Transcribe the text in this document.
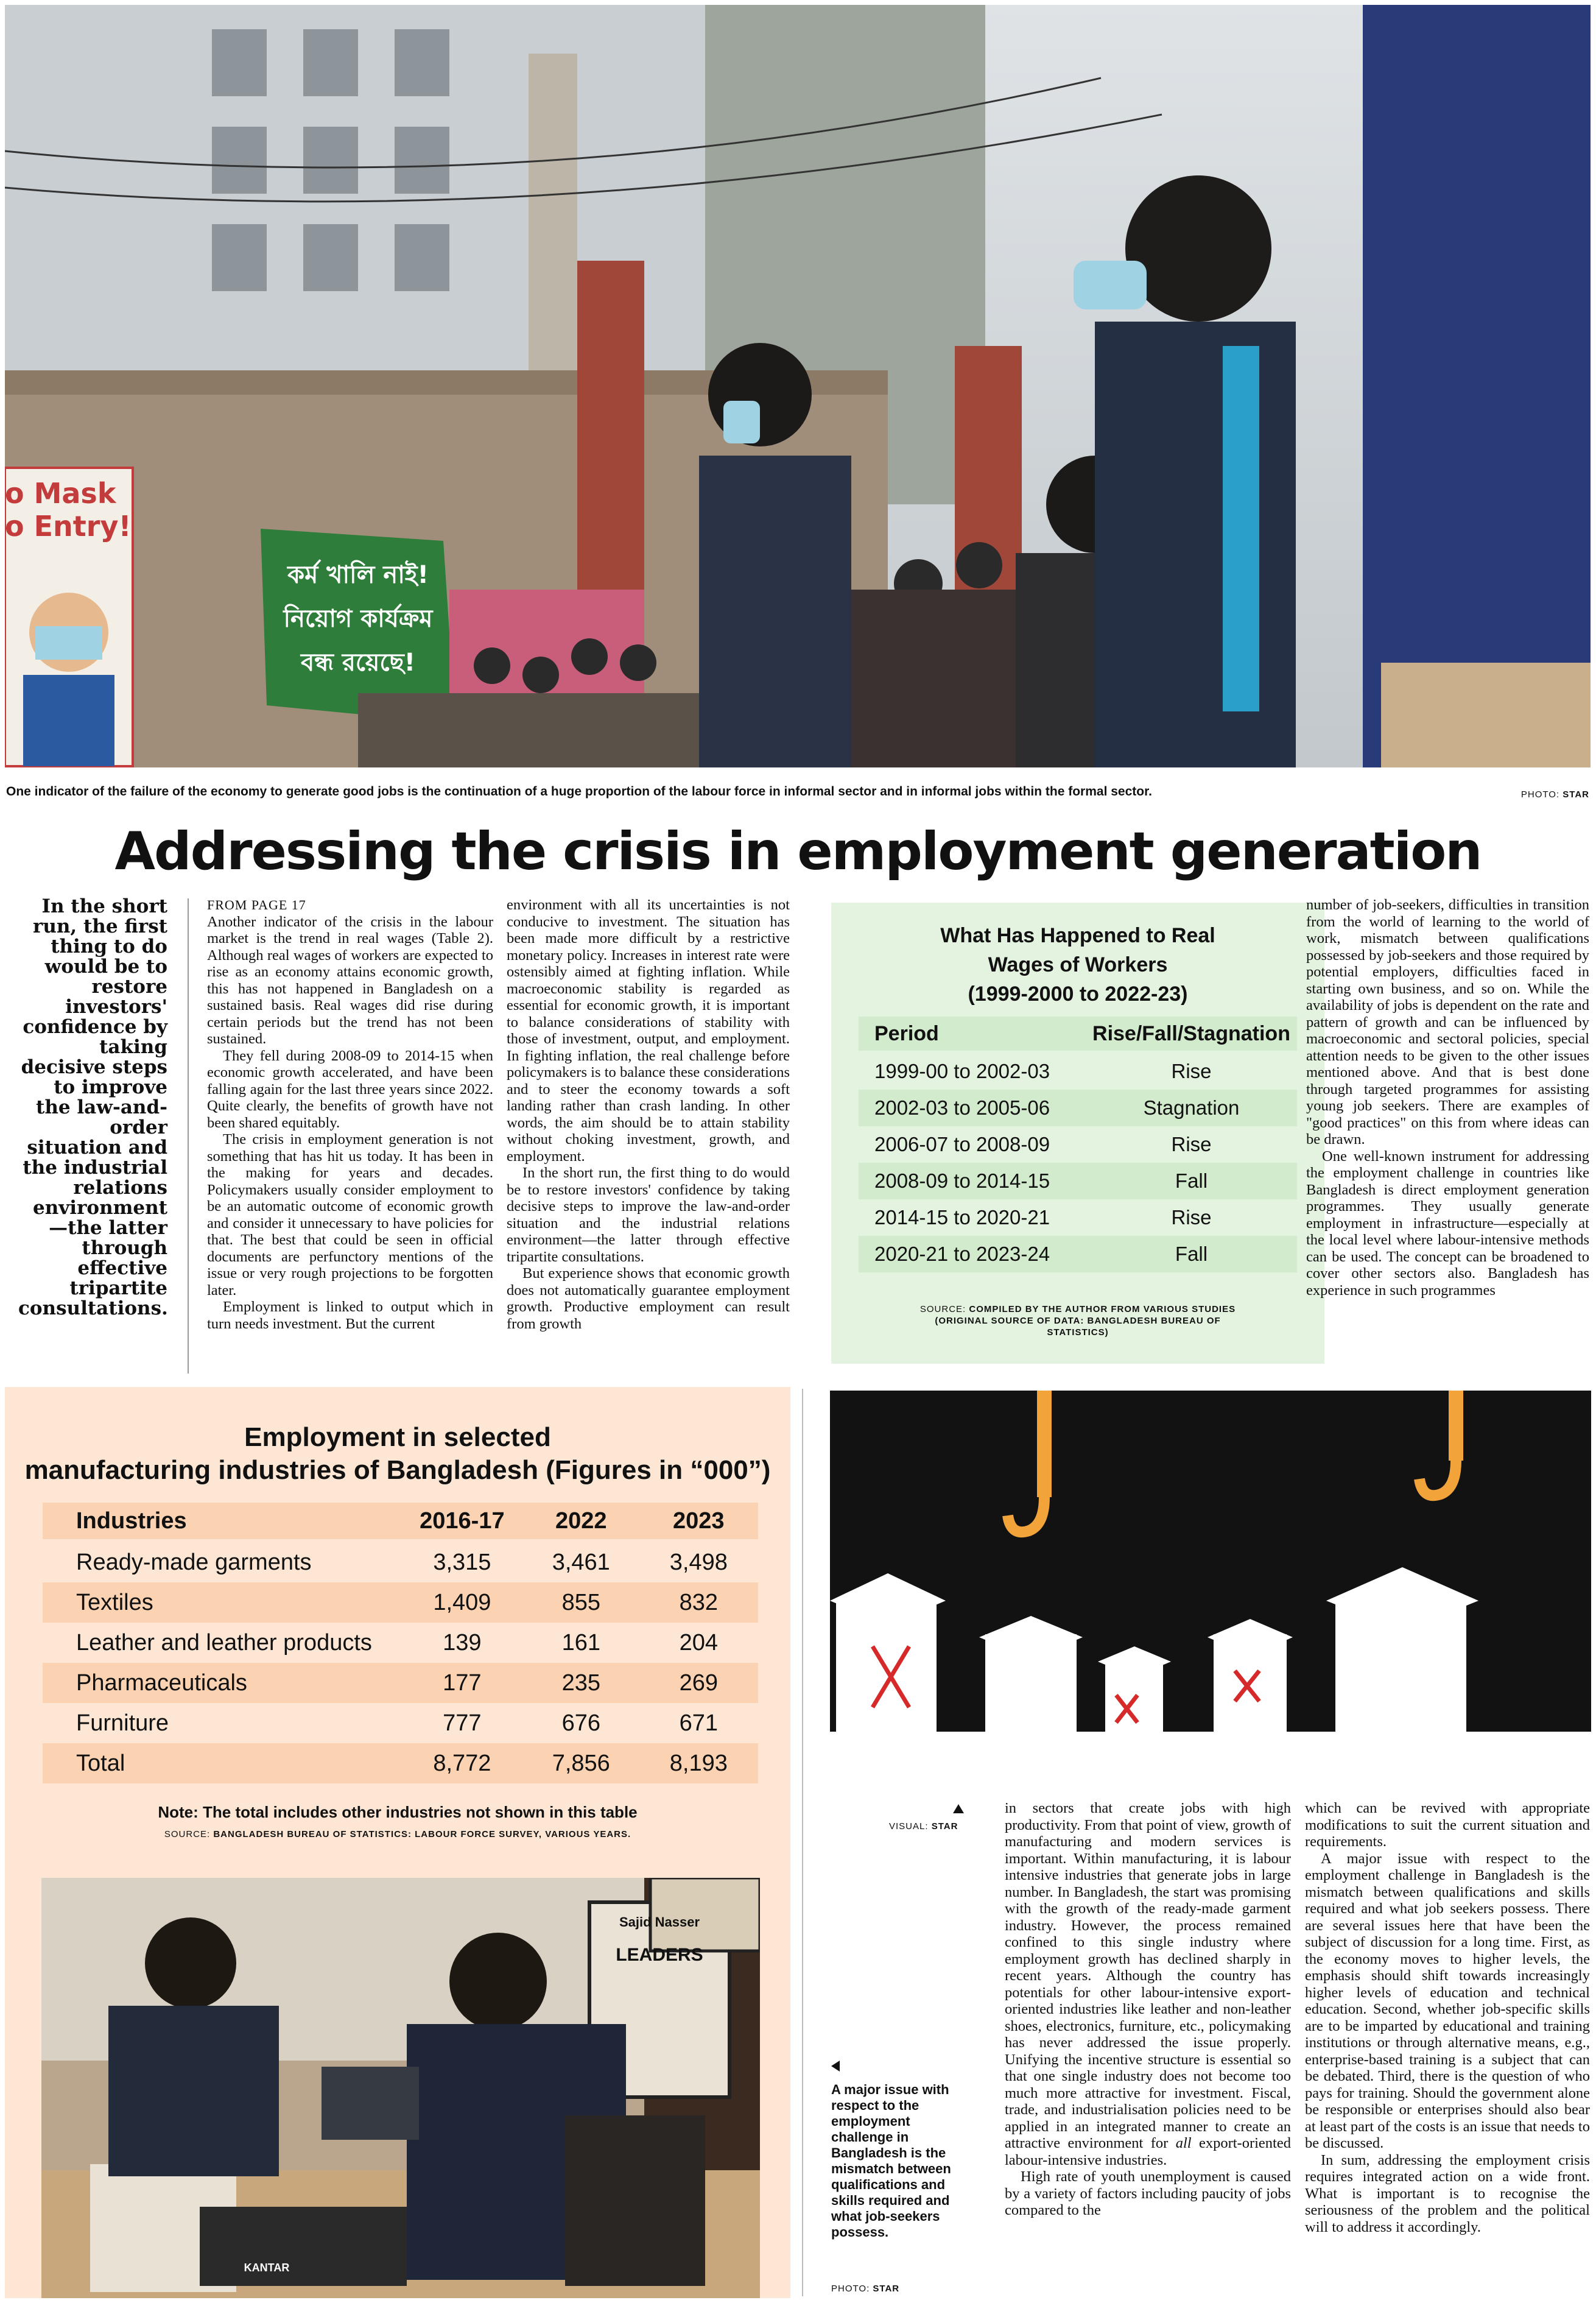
o Mask
o Entry!
কর্ম খালি নাই!
নিয়োগ কার্যক্রম
বন্ধ রয়েছে!
One indicator of the failure of the economy to generate good jobs is the continuation of a huge proportion of the labour force in informal sector and in informal jobs within the formal sector.	PHOTO: STAR
Addressing the crisis in employment generation
In the short run, the first thing to do would be to restore investors' confidence by taking decisive steps to improve the law-and-order situation and the industrial relations environment—the latter through effective tripartite consultations.

FROM PAGE 17

Another indicator of the crisis in the labour market is the trend in real wages (Table 2). Although real wages of workers are expected to rise as an economy attains economic growth, this has not happened in Bangladesh on a sustained basis. Real wages did rise during certain periods but the trend has not been sustained.

They fell during 2008-09 to 2014-15 when economic growth accelerated, and have been falling again for the last three years since 2022. Quite clearly, the benefits of growth have not been shared equitably.

The crisis in employment generation is not something that has hit us today. It has been in the making for years and decades. Policymakers usually consider employment to be an automatic outcome of economic growth and consider it unnecessary to have policies for that. The best that could be seen in official documents are perfunctory mentions of the issue or very rough projections to be forgotten later.

Employment is linked to output which in turn needs investment. But the current

environment with all its uncertainties is not conducive to investment. The situation has been made more difficult by a restrictive monetary policy. Increases in interest rate were ostensibly aimed at fighting inflation. While macroeconomic stability is regarded as essential for economic growth, it is important to balance considerations of stability with those of investment, output, and employment. In fighting inflation, the real challenge before policymakers is to balance these considerations and to steer the economy towards a soft landing rather than crash landing. In other words, the aim should be to attain stability without choking investment, growth, and employment.

In the short run, the first thing to do would be to restore investors' confidence by taking decisive steps to improve the law-and-order situation and the industrial relations environment—the latter through effective tripartite consultations.

But experience shows that economic growth does not automatically guarantee employment growth. Productive employment can result from growth

What Has Happened to Real
Wages of Workers
(1999-2000 to 2022-23)
Period	Rise/Fall/Stagnation
1999-00 to 2002-03	Rise
2002-03 to 2005-06	Stagnation
2006-07 to 2008-09	Rise
2008-09 to 2014-15	Fall
2014-15 to 2020-21	Rise
2020-21 to 2023-24	Fall
SOURCE: COMPILED BY THE AUTHOR FROM VARIOUS STUDIES
(ORIGINAL SOURCE OF DATA: BANGLADESH BUREAU OF
STATISTICS)

number of job-seekers, difficulties in transition from the world of learning to the world of work, mismatch between qualifications possessed by job-seekers and those required by potential employers, difficulties faced in starting own business, and so on. While the availability of jobs is dependent on the rate and pattern of growth and can be influenced by macroeconomic and sectoral policies, special attention needs to be given to the other issues mentioned above. And that is best done through targeted programmes for assisting young job seekers. There are examples of "good practices" on this from where ideas can be drawn.

One well-known instrument for addressing the employment challenge in countries like Bangladesh is direct employment generation programmes. They usually generate employment in infrastructure—especially at the local level where labour-intensive methods can be used. The concept can be broadened to cover other sectors also. Bangladesh has experience in such programmes

Employment in selected
manufacturing industries of Bangladesh (Figures in “000”)
Industries	2016-17	2022	2023
Ready-made garments	3,315	3,461	3,498
Textiles	1,409	855	832
Leather and leather products	139	161	204
Pharmaceuticals	177	235	269
Furniture	777	676	671
Total	8,772	7,856	8,193
Note: The total includes other industries not shown in this table
SOURCE: BANGLADESH BUREAU OF STATISTICS: LABOUR FORCE SURVEY, VARIOUS YEARS.
Sajid Nasser
LEADERS
KANTAR
VISUAL: STAR
A major issue with respect to the employment challenge in Bangladesh is the mismatch between qualifications and skills required and what job-seekers possess.
PHOTO: STAR

in sectors that create jobs with high productivity. From that point of view, growth of manufacturing and modern services is important. Within manufacturing, it is labour intensive industries that generate jobs in large number. In Bangladesh, the start was promising with the growth of the ready-made garment industry. However, the process remained confined to this single industry where employment growth has declined sharply in recent years. Although the country has potentials for other labour-intensive export-oriented industries like leather and non-leather shoes, electronics, furniture, etc., policymaking has never addressed the issue properly. Unifying the incentive structure is essential so that one single industry does not become too much more attractive for investment. Fiscal, trade, and industrialisation policies need to be applied in an integrated manner to create an attractive environment for all export-oriented labour-intensive industries.

High rate of youth unemployment is caused by a variety of factors including paucity of jobs compared to the

which can be revived with appropriate modifications to suit the current situation and requirements.

A major issue with respect to the employment challenge in Bangladesh is the mismatch between qualifications and skills required and what job seekers possess. There are several issues here that have been the subject of discussion for a long time. First, as the economy moves to higher levels, the emphasis should shift towards increasingly higher levels of education and technical education. Second, whether job-specific skills are to be imparted by educational and training institutions or through alternative means, e.g., enterprise-based training is a subject that can be debated. Third, there is the question of who pays for training. Should the government alone be responsible or enterprises should also bear at least part of the costs is an issue that needs to be discussed.

In sum, addressing the employment crisis requires integrated action on a wide front. What is important is to recognise the seriousness of the problem and the political will to address it accordingly.
